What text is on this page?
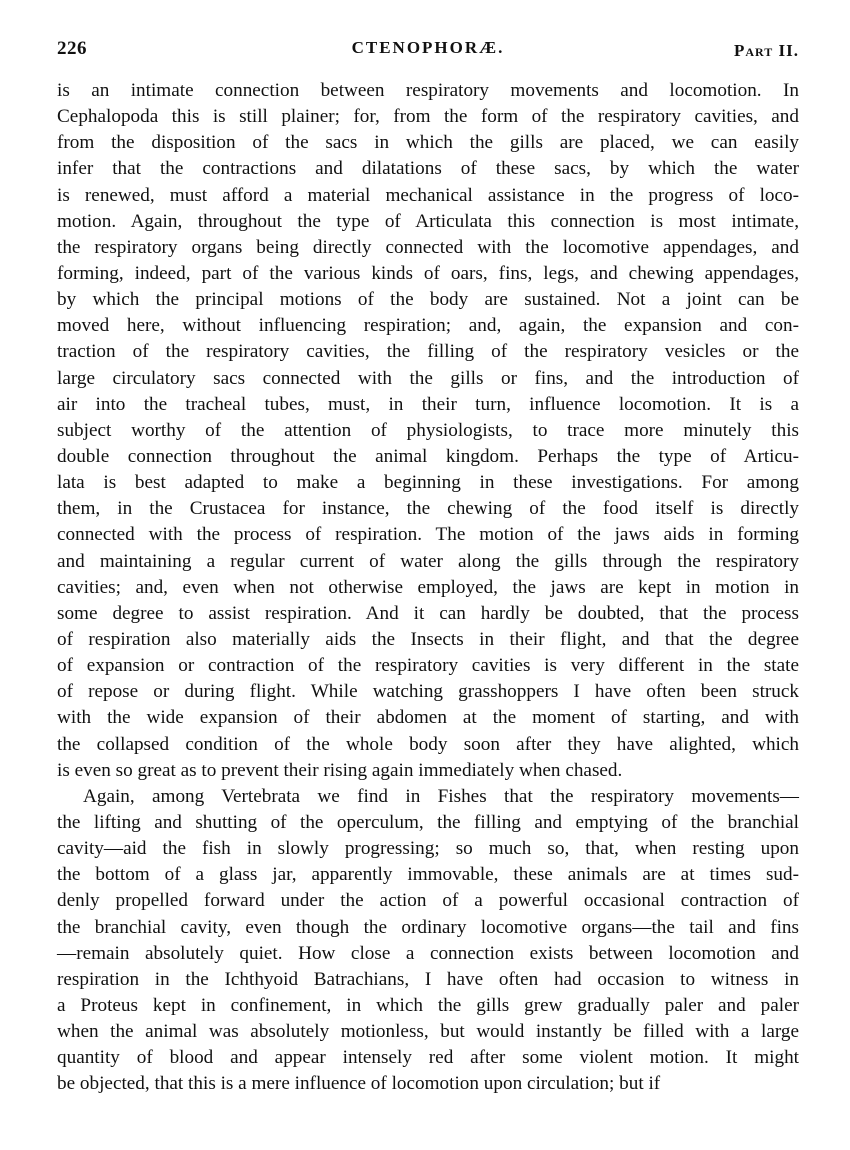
226	CTENOPHORÆ.	Part II.
is an intimate connection between respiratory movements and locomotion. In
Cephalopoda this is still plainer; for, from the form of the respiratory cavities, and
from the disposition of the sacs in which the gills are placed, we can easily
infer that the contractions and dilatations of these sacs, by which the water
is renewed, must afford a material mechanical assistance in the progress of loco-
motion. Again, throughout the type of Articulata this connection is most intimate,
the respiratory organs being directly connected with the locomotive appendages, and
forming, indeed, part of the various kinds of oars, fins, legs, and chewing appendages,
by which the principal motions of the body are sustained. Not a joint can be
moved here, without influencing respiration; and, again, the expansion and con-
traction of the respiratory cavities, the filling of the respiratory vesicles or the
large circulatory sacs connected with the gills or fins, and the introduction of
air into the tracheal tubes, must, in their turn, influence locomotion. It is a
subject worthy of the attention of physiologists, to trace more minutely this
double connection throughout the animal kingdom. Perhaps the type of Articu-
lata is best adapted to make a beginning in these investigations. For among
them, in the Crustacea for instance, the chewing of the food itself is directly
connected with the process of respiration. The motion of the jaws aids in forming
and maintaining a regular current of water along the gills through the respiratory
cavities; and, even when not otherwise employed, the jaws are kept in motion in
some degree to assist respiration. And it can hardly be doubted, that the process
of respiration also materially aids the Insects in their flight, and that the degree
of expansion or contraction of the respiratory cavities is very different in the state
of repose or during flight. While watching grasshoppers I have often been struck
with the wide expansion of their abdomen at the moment of starting, and with
the collapsed condition of the whole body soon after they have alighted, which
is even so great as to prevent their rising again immediately when chased.
Again, among Vertebrata we find in Fishes that the respiratory movements—
the lifting and shutting of the operculum, the filling and emptying of the branchial
cavity—aid the fish in slowly progressing; so much so, that, when resting upon
the bottom of a glass jar, apparently immovable, these animals are at times sud-
denly propelled forward under the action of a powerful occasional contraction of
the branchial cavity, even though the ordinary locomotive organs—the tail and fins
—remain absolutely quiet. How close a connection exists between locomotion and
respiration in the Ichthyoid Batrachians, I have often had occasion to witness in
a Proteus kept in confinement, in which the gills grew gradually paler and paler
when the animal was absolutely motionless, but would instantly be filled with a large
quantity of blood and appear intensely red after some violent motion. It might
be objected, that this is a mere influence of locomotion upon circulation; but if
